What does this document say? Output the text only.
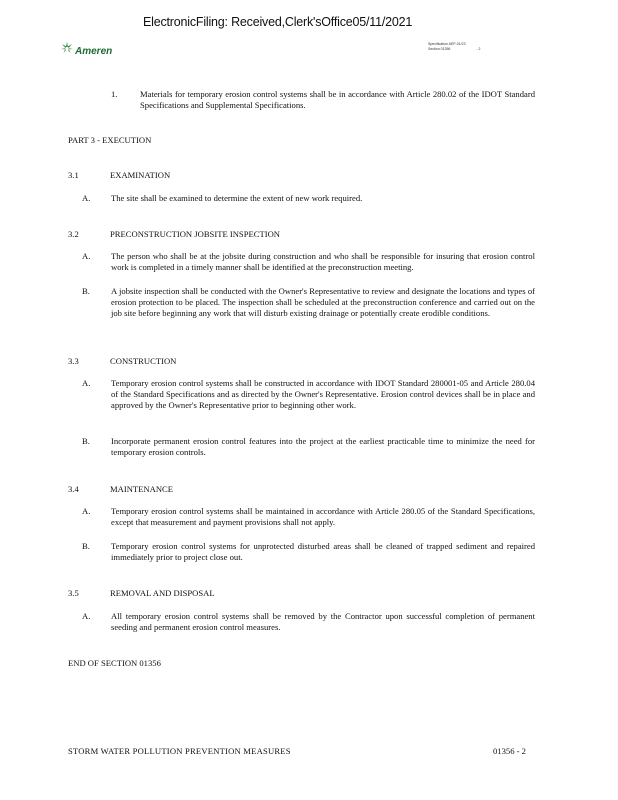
ElectronicFiling: Received,Clerk'sOffice05/11/2021
Ameren
Specification AEP-01/23
Section 01356	- 2
1.	Materials for temporary erosion control systems shall be in accordance with Article 280.02 of the IDOT Standard Specifications and Supplemental Specifications.
PART 3 - EXECUTION
3.1	EXAMINATION
A. The site shall be examined to determine the extent of new work required.
3.2	PRECONSTRUCTION JOBSITE INSPECTION
A. The person who shall be at the jobsite during construction and who shall be responsible for insuring that erosion control work is completed in a timely manner shall be identified at the preconstruction meeting.
B. A jobsite inspection shall be conducted with the Owner's Representative to review and designate the locations and types of erosion protection to be placed. The inspection shall be scheduled at the preconstruction conference and carried out on the job site before beginning any work that will disturb existing drainage or potentially create erodible conditions.
3.3	CONSTRUCTION
A. Temporary erosion control systems shall be constructed in accordance with IDOT Standard 280001-05 and Article 280.04 of the Standard Specifications and as directed by the Owner's Representative. Erosion control devices shall be in place and approved by the Owner's Representative prior to beginning other work.
B. Incorporate permanent erosion control features into the project at the earliest practicable time to minimize the need for temporary erosion controls.
3.4	MAINTENANCE
A. Temporary erosion control systems shall be maintained in accordance with Article 280.05 of the Standard Specifications, except that measurement and payment provisions shall not apply.
B. Temporary erosion control systems for unprotected disturbed areas shall be cleaned of trapped sediment and repaired immediately prior to project close out.
3.5	REMOVAL AND DISPOSAL
A. All temporary erosion control systems shall be removed by the Contractor upon successful completion of permanent seeding and permanent erosion control measures.
END OF SECTION 01356
STORM WATER POLLUTION PREVENTION MEASURES	01356 - 2
